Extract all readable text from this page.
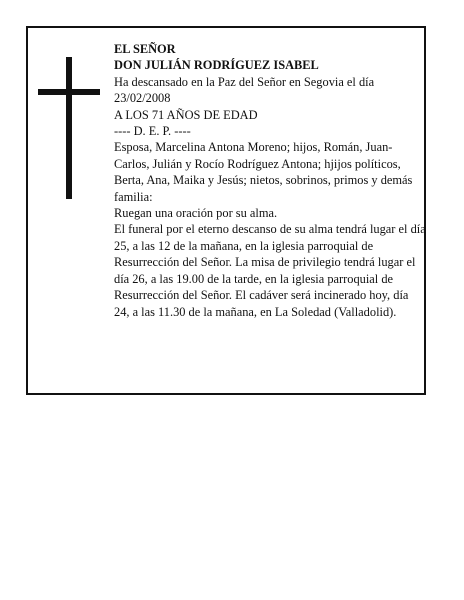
EL SEÑOR

DON JULIÁN RODRÍGUEZ ISABEL

Ha descansado en la Paz del Señor en Segovia el día 23/02/2008

A LOS 71 AÑOS DE EDAD

---- D. E. P. ----

Esposa, Marcelina Antona Moreno; hijos, Román, Juan-Carlos, Julián y Rocío Rodríguez Antona; hjijos políticos, Berta, Ana, Maika y Jesús; nietos, sobrinos, primos y demás familia:

Ruegan una oración por su alma.

El funeral por el eterno descanso de su alma tendrá lugar el día 25, a las 12 de la mañana, en la iglesia parroquial de Resurrección del Señor. La misa de privilegio tendrá lugar el día 26, a las 19.00 de la tarde, en la iglesia parroquial de Resurrección del Señor. El cadáver será incinerado hoy, día 24, a las 11.30 de la mañana, en La Soledad (Valladolid).
